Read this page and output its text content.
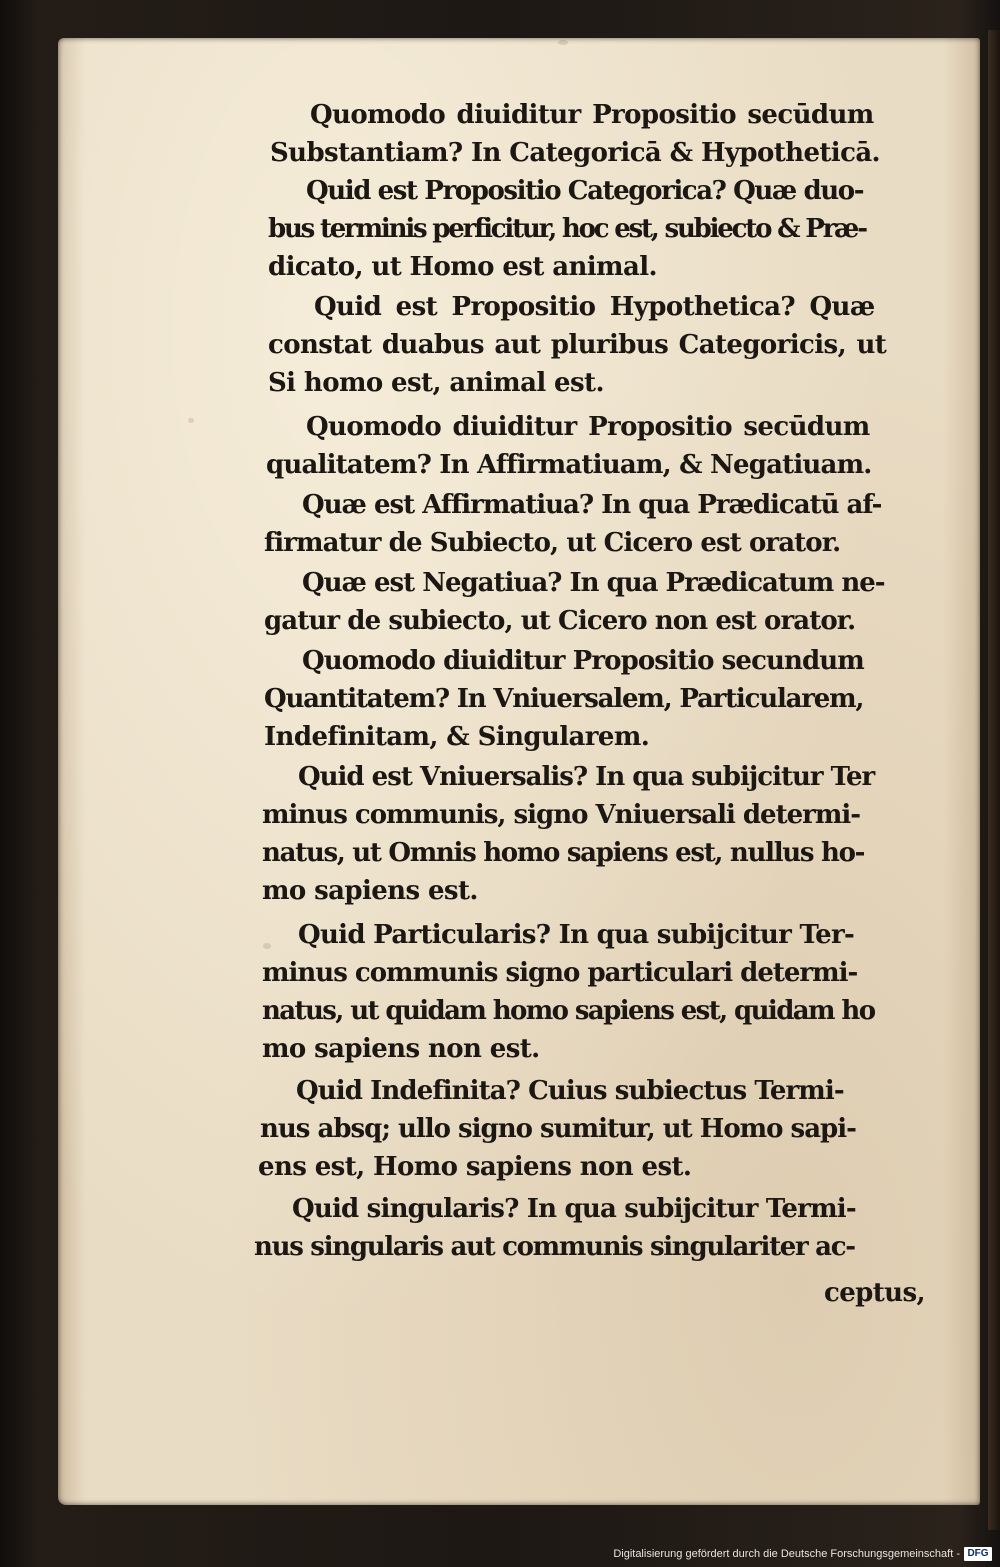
Quomodo diuiditur Propositio secūdum
Substantiam? In Categoricā & Hypotheticā.
Quid est Propositio Categorica? Quæ duo-
bus terminis perficitur, hoc est, subiecto & Præ-
dicato, ut Homo est animal.
Quid est Propositio Hypothetica? Quæ
constat duabus aut pluribus Categoricis, ut
Si homo est, animal est.
Quomodo diuiditur Propositio secūdum
qualitatem? In Affirmatiuam, & Negatiuam.
Quæ est Affirmatiua? In qua Prædicatū af-
firmatur de Subiecto, ut Cicero est orator.
Quæ est Negatiua? In qua Prædicatum ne-
gatur de subiecto, ut Cicero non est orator.
Quomodo diuiditur Propositio secundum
Quantitatem? In Vniuersalem, Particularem,
Indefinitam, & Singularem.
Quid est Vniuersalis? In qua subijcitur Ter
minus communis, signo Vniuersali determi-
natus, ut Omnis homo sapiens est, nullus ho-
mo sapiens est.
Quid Particularis? In qua subijcitur Ter-
minus communis signo particulari determi-
natus, ut quidam homo sapiens est, quidam ho
mo sapiens non est.
Quid Indefinita? Cuius subiectus Termi-
nus absq; ullo signo sumitur, ut Homo sapi-
ens est, Homo sapiens non est.
Quid singularis? In qua subijcitur Termi-
nus singularis aut communis singulariter ac-
ceptus,
Digitalisierung gefördert durch die Deutsche Forschungsgemeinschaft - DFG
